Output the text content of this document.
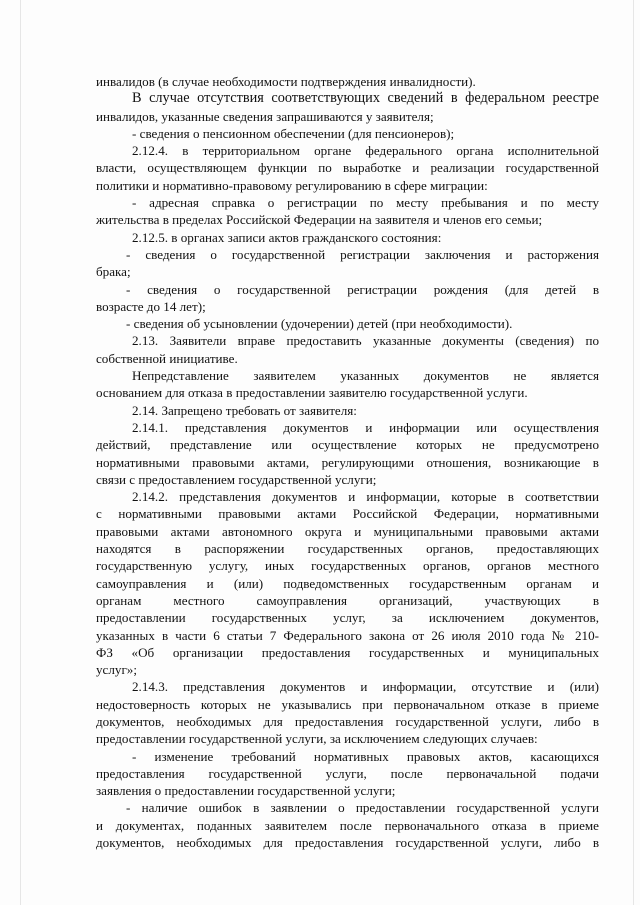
инвалидов (в случае необходимости подтверждения инвалидности).

В случае отсутствия соответствующих сведений в федеральном реестре

инвалидов, указанные сведения запрашиваются у заявителя;

- сведения о пенсионном обеспечении (для пенсионеров);

2.12.4. в территориальном органе федерального органа исполнительной

власти, осуществляющем функции по выработке и реализации государственной

политики и нормативно-правовому регулированию в сфере миграции:

- адресная справка о регистрации по месту пребывания и по месту

жительства в пределах Российской Федерации на заявителя и членов его семьи;

2.12.5. в органах записи актов гражданского состояния:

- сведения о государственной регистрации заключения и расторжения

брака;

- сведения о государственной регистрации рождения (для детей в

возрасте до 14 лет);

- сведения об усыновлении (удочерении) детей (при необходимости).

2.13. Заявители вправе предоставить указанные документы (сведения) по

собственной инициативе.

Непредставление заявителем указанных документов не является

основанием для отказа в предоставлении заявителю государственной услуги.

2.14. Запрещено требовать от заявителя:

2.14.1. представления документов и информации или осуществления

действий, представление или осуществление которых не предусмотрено

нормативными правовыми актами, регулирующими отношения, возникающие в

связи с предоставлением государственной услуги;

2.14.2. представления документов и информации, которые в соответствии

с нормативными правовыми актами Российской Федерации, нормативными

правовыми актами автономного округа и муниципальными правовыми актами

находятся в распоряжении государственных органов, предоставляющих

государственную услугу, иных государственных органов, органов местного

самоуправления и (или) подведомственных государственным органам и

органам местного самоуправления организаций, участвующих в

предоставлении государственных услуг, за исключением документов,

указанных в части 6 статьи 7 Федерального закона от 26 июля 2010 года № 210-

ФЗ «Об организации предоставления государственных и муниципальных

услуг»;

2.14.3. представления документов и информации, отсутствие и (или)

недостоверность которых не указывались при первоначальном отказе в приеме

документов, необходимых для предоставления государственной услуги, либо в

предоставлении государственной услуги, за исключением следующих случаев:

- изменение требований нормативных правовых актов, касающихся

предоставления государственной услуги, после первоначальной подачи

заявления о предоставлении государственной услуги;

- наличие ошибок в заявлении о предоставлении государственной услуги

и документах, поданных заявителем после первоначального отказа в приеме

документов, необходимых для предоставления государственной услуги, либо в
